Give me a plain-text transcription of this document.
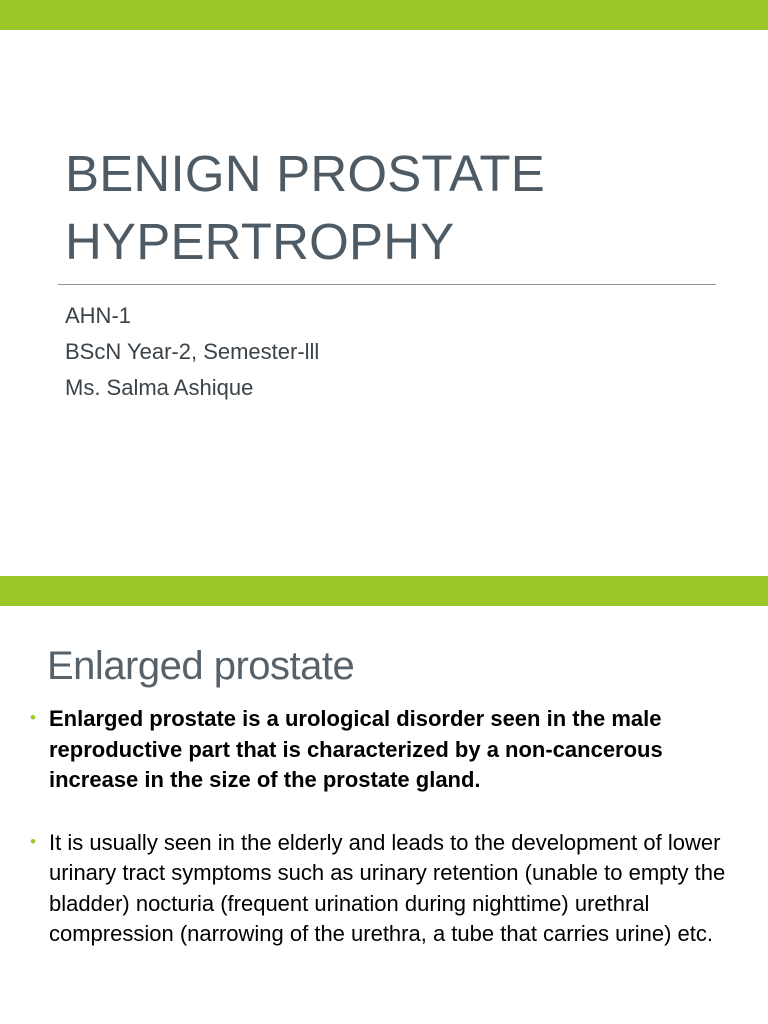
BENIGN PROSTATE
HYPERTROPHY
AHN-1
BScN Year-2, Semester-lll
Ms. Salma Ashique
Enlarged prostate
• Enlarged prostate is a urological disorder seen in the male reproductive part that is characterized by a non-cancerous increase in the size of the prostate gland.
• It is usually seen in the elderly and leads to the development of lower urinary tract symptoms such as urinary retention (unable to empty the bladder) nocturia (frequent urination during nighttime) urethral compression (narrowing of the urethra, a tube that carries urine) etc.
